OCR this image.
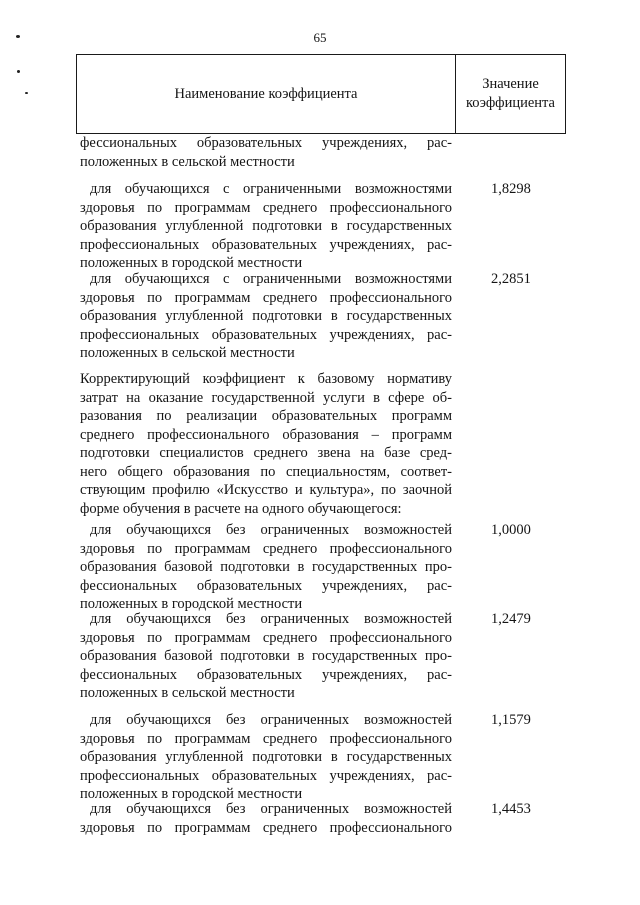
65
Наименование коэффициента
Значение
коэффициента
фессиональных образовательных учреждениях, рас-
положенных в сельской местности
для обучающихся с ограниченными возможностями
здоровья по программам среднего профессионального
образования углубленной подготовки в государственных
профессиональных образовательных учреждениях, рас-
положенных в городской местности
1,8298
для обучающихся с ограниченными возможностями
здоровья по программам среднего профессионального
образования углубленной подготовки в государственных
профессиональных образовательных учреждениях, рас-
положенных в сельской местности
2,2851
Корректирующий коэффициент к базовому нормативу
затрат на оказание государственной услуги в сфере об-
разования по реализации образовательных программ
среднего профессионального образования – программ
подготовки специалистов среднего звена на базе сред-
него общего образования по специальностям, соответ-
ствующим профилю «Искусство и культура», по заочной
форме обучения в расчете на одного обучающегося:
для обучающихся без ограниченных возможностей
здоровья по программам среднего профессионального
образования базовой подготовки в государственных про-
фессиональных образовательных учреждениях, рас-
положенных в городской местности
1,0000
для обучающихся без ограниченных возможностей
здоровья по программам среднего профессионального
образования базовой подготовки в государственных про-
фессиональных образовательных учреждениях, рас-
положенных в сельской местности
1,2479
для обучающихся без ограниченных возможностей
здоровья по программам среднего профессионального
образования углубленной подготовки в государственных
профессиональных образовательных учреждениях, рас-
положенных в городской местности
1,1579
для обучающихся без ограниченных возможностей
здоровья по программам среднего профессионального
1,4453
